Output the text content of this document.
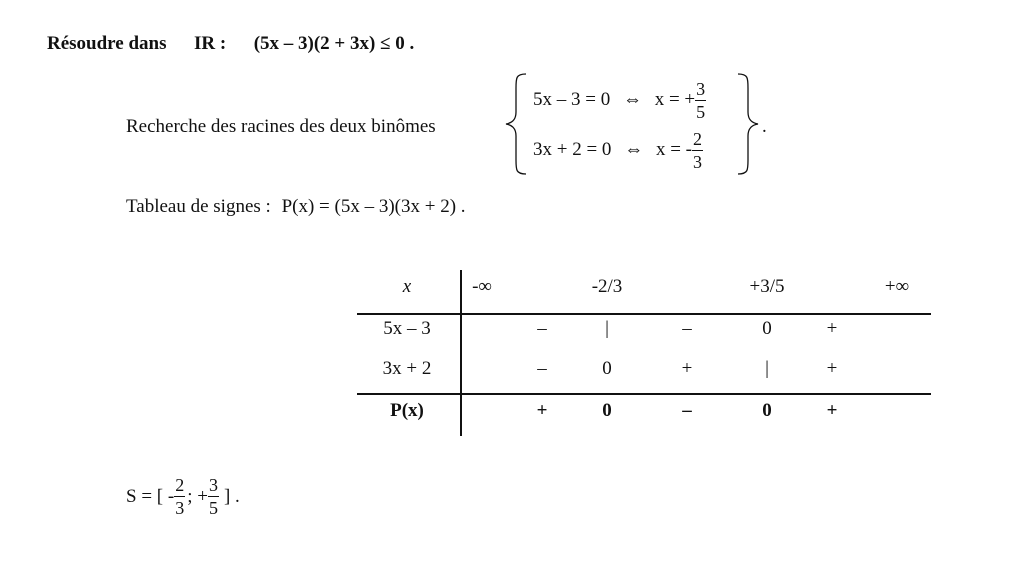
Résoudre dans IR : (5x – 3)(2 + 3x) ≤ 0 .
Recherche des racines des deux binômes
5x – 3 = 0 ⇔ x = + $\frac{3}{5}$
3x + 2 = 0 ⇔ x = - $\frac{2}{3}$
.
Tableau de signes : P(x) = (5x – 3)(3x + 2) .
x	-∞	-2/3	+3/5	+∞
5x – 3	–	|	–	0	+
3x + 2	–	0	+	|	+
P(x)	+	0	–	0	+
S = [ - $\frac{2}{3}$ ; + $\frac{3}{5}$ ] .
